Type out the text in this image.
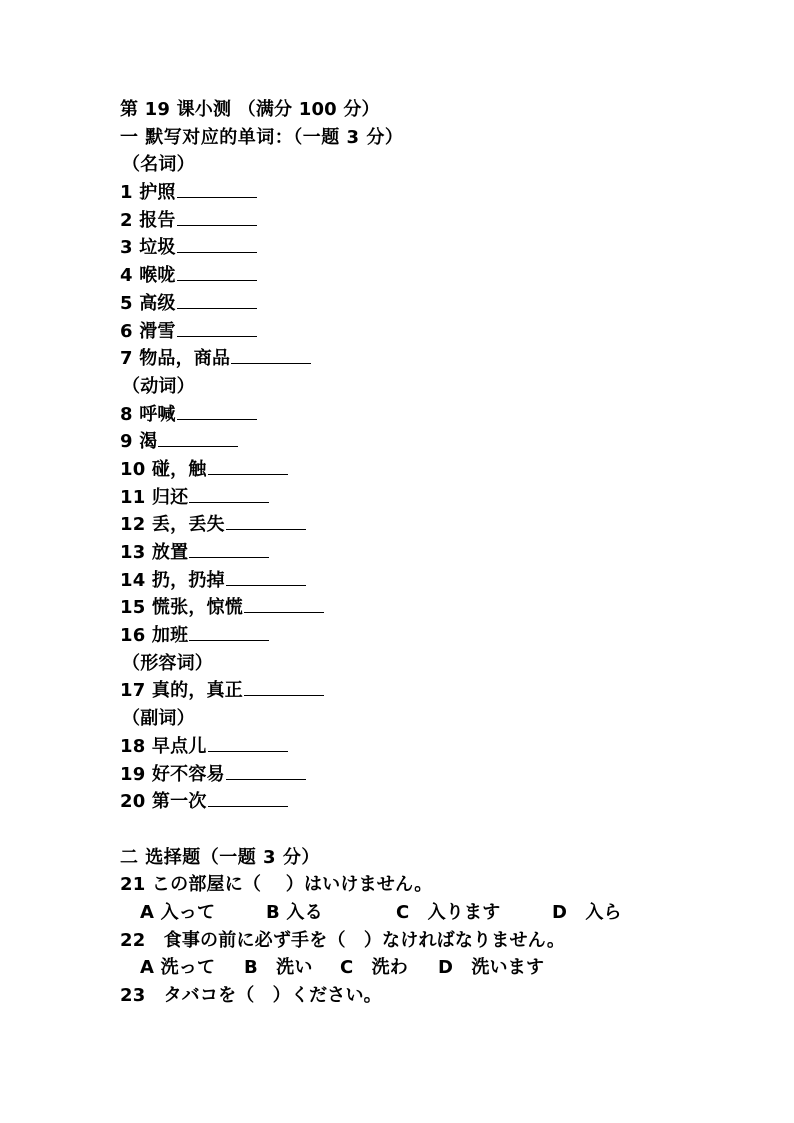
第 19 课小测 （满分 100 分）
一 默写对应的单词：（一题 3 分）
（名词）
1 护照
2 报告
3 垃圾
4 喉咙
5 高级
6 滑雪
7 物品，商品
（动词）
8 呼喊
9 渴
10 碰，触
11 归还
12 丢，丢失
13 放置
14 扔，扔掉
15 慌张，惊慌
16 加班
（形容词）
17 真的，真正
（副词）
18 早点儿
19 好不容易
20 第一次
二 选择题（一题 3 分）
21 この部屋に（　 ）はいけません。
A 入って	B 入る	C　入ります	D　入ら
22　食事の前に必ず手を（　）なければなりません。
A 洗って B　洗い C　洗わ D　洗います
23　タバコを（　）ください。
